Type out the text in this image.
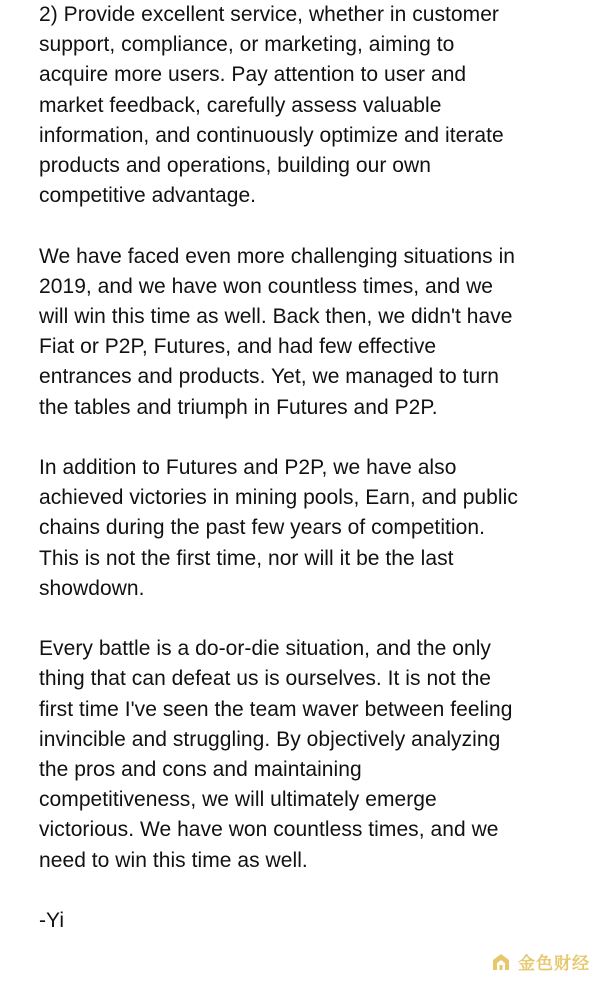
2) Provide excellent service, whether in customer
support, compliance, or marketing, aiming to
acquire more users. Pay attention to user and
market feedback, carefully assess valuable
information, and continuously optimize and iterate
products and operations, building our own
competitive advantage.

We have faced even more challenging situations in
2019, and we have won countless times, and we
will win this time as well. Back then, we didn't have
Fiat or P2P, Futures, and had few effective
entrances and products. Yet, we managed to turn
the tables and triumph in Futures and P2P.

In addition to Futures and P2P, we have also
achieved victories in mining pools, Earn, and public
chains during the past few years of competition.
This is not the first time, nor will it be the last
showdown.

Every battle is a do-or-die situation, and the only
thing that can defeat us is ourselves. It is not the
first time I've seen the team waver between feeling
invincible and struggling. By objectively analyzing
the pros and cons and maintaining
competitiveness, we will ultimately emerge
victorious. We have won countless times, and we
need to win this time as well.

-Yi

金色财经
